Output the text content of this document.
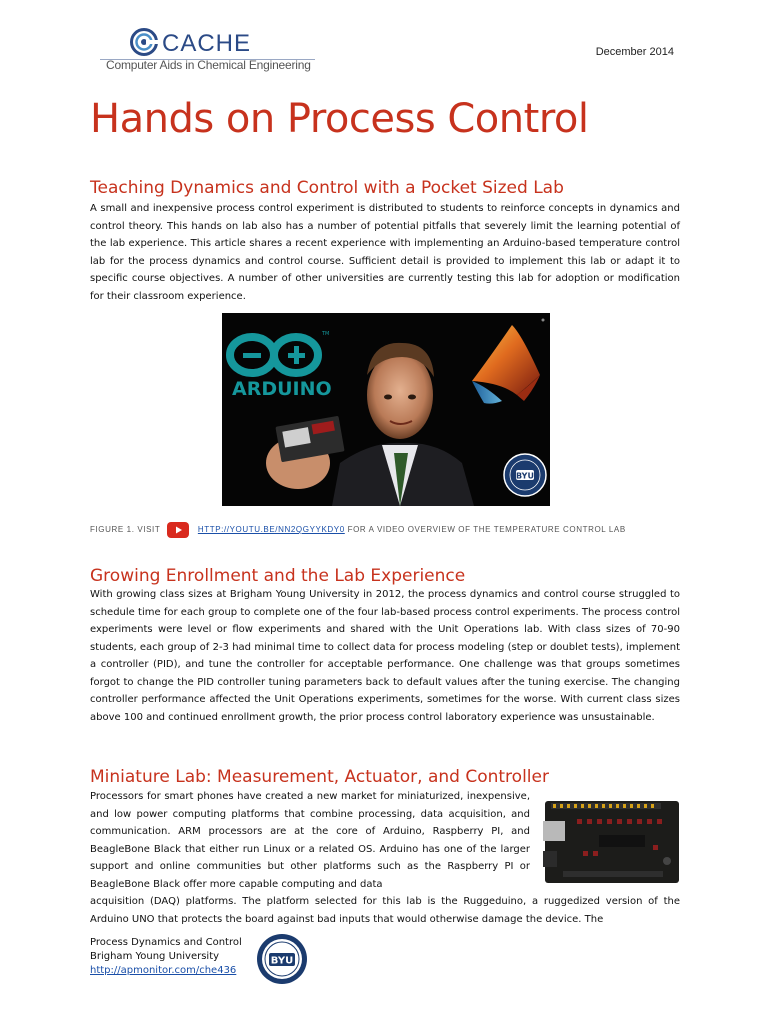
CACHE
Computer Aids in Chemical Engineering
December 2014
Hands on Process Control
Teaching Dynamics and Control with a Pocket Sized Lab

A small and inexpensive process control experiment is distributed to students to reinforce concepts in dynamics and control theory. This hands on lab also has a number of potential pitfalls that severely limit the learning potential of the lab experience. This article shares a recent experience with implementing an Arduino-based temperature control lab for the process dynamics and control course. Sufficient detail is provided to implement this lab or adapt it to specific course objectives. A number of other universities are currently testing this lab for adoption or modification for their classroom experience.

ARDUINO
TM
BYU
FIGURE 1. VISIT	HTTP://YOUTU.BE/NN2QGYYKDY0 FOR A VIDEO OVERVIEW OF THE TEMPERATURE CONTROL LAB
Growing Enrollment and the Lab Experience

With growing class sizes at Brigham Young University in 2012, the process dynamics and control course struggled to schedule time for each group to complete one of the four lab-based process control experiments. The process control experiments were level or flow experiments and shared with the Unit Operations lab. With class sizes of 70-90 students, each group of 2-3 had minimal time to collect data for process modeling (step or doublet tests), implement a controller (PID), and tune the controller for acceptable performance. One challenge was that groups sometimes forgot to change the PID controller tuning parameters back to default values after the tuning exercise. The changing controller performance affected the Unit Operations experiments, sometimes for the worse. With current class sizes above 100 and continued enrollment growth, the prior process control laboratory experience was unsustainable.

Miniature Lab: Measurement, Actuator, and Controller

Processors for smart phones have created a new market for miniaturized, inexpensive, and low power computing platforms that combine processing, data acquisition, and communication. ARM processors are at the core of Arduino, Raspberry PI, and BeagleBone Black that either run Linux or a related OS. Arduino has one of the larger support and online communities but other platforms such as the Raspberry PI or BeagleBone Black offer more capable computing and data

acquisition (DAQ) platforms. The platform selected for this lab is the Ruggeduino, a ruggedized version of the Arduino UNO that protects the board against bad inputs that would otherwise damage the device. The

Process Dynamics and Control
Brigham Young University
http://apmonitor.com/che436
BYU
